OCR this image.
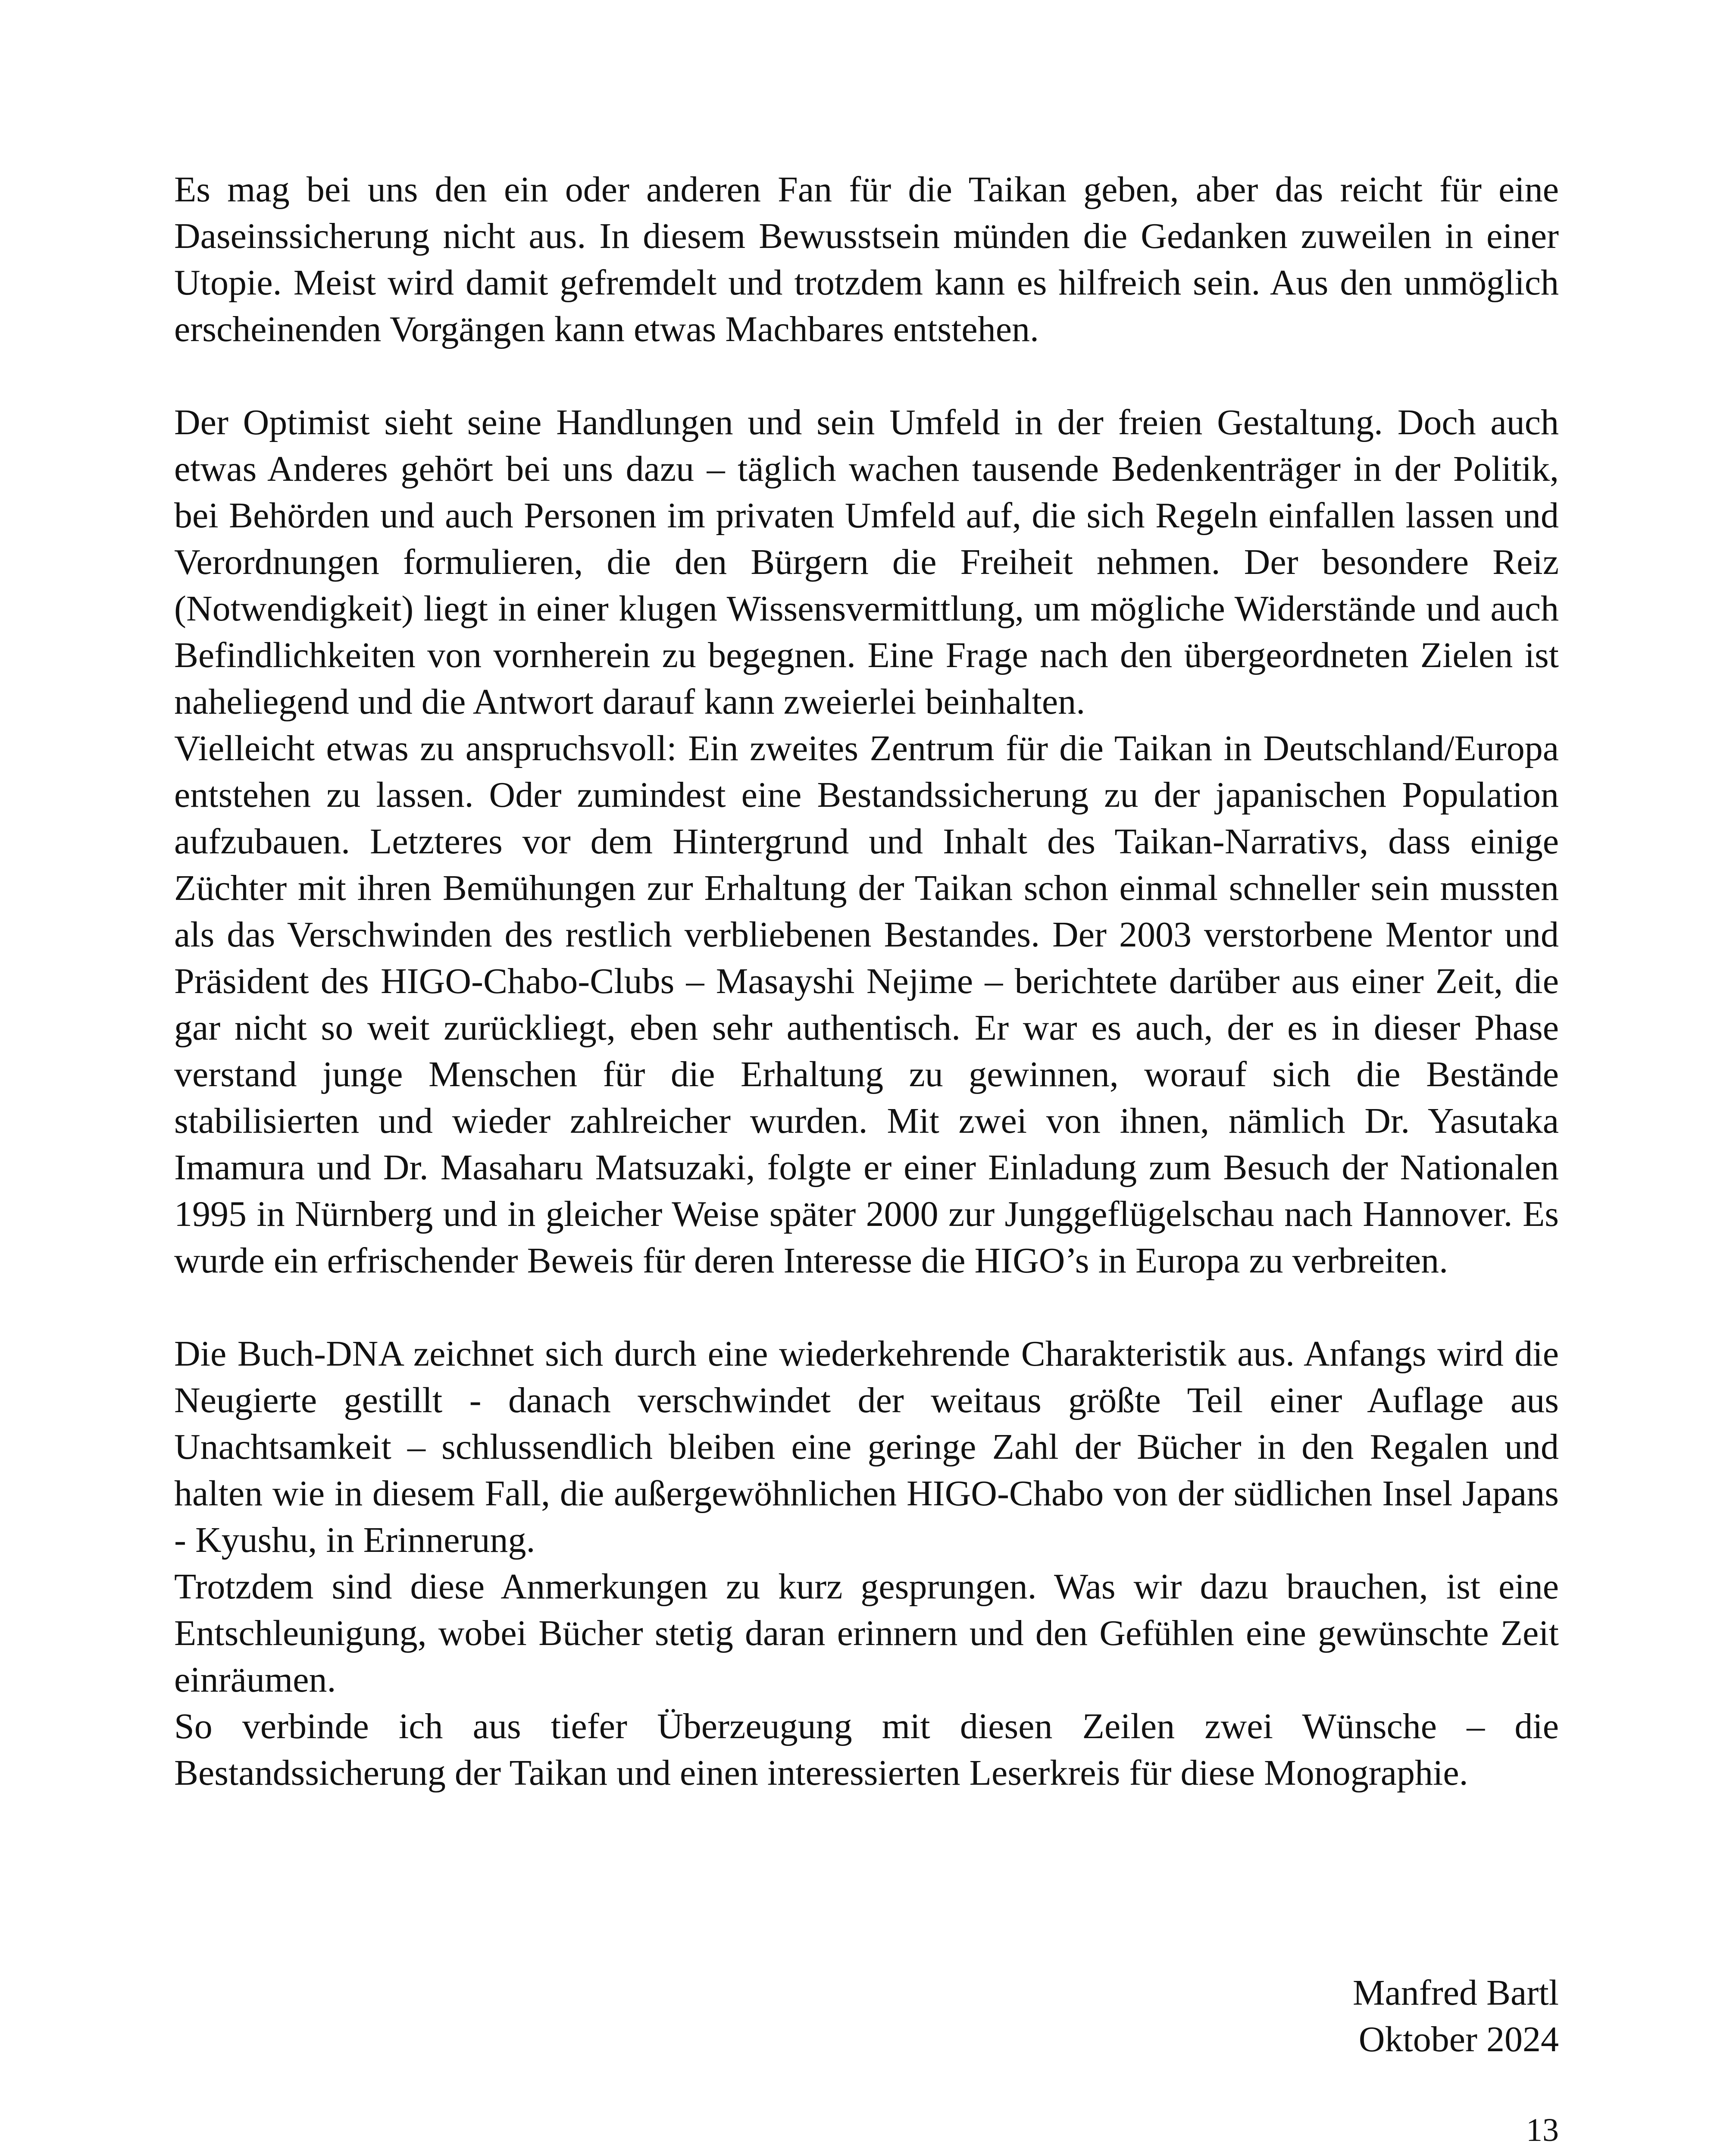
Es mag bei uns den ein oder anderen Fan für die Taikan geben, aber das reicht für eine Daseinssicherung nicht aus. In diesem Bewusstsein münden die Gedanken zuweilen in einer Utopie. Meist wird damit gefremdelt und trotzdem kann es hilfreich sein. Aus den unmöglich erscheinenden Vorgängen kann etwas Machbares entstehen.

Der Optimist sieht seine Handlungen und sein Umfeld in der freien Gestaltung. Doch auch etwas Anderes gehört bei uns dazu – täglich wachen tausende Bedenkenträger in der Politik, bei Behörden und auch Personen im privaten Umfeld auf, die sich Regeln einfallen lassen und Verordnungen formulieren, die den Bürgern die Freiheit nehmen. Der besondere Reiz (Notwendigkeit) liegt in einer klugen Wissensvermittlung, um mögliche Widerstände und auch Befindlichkeiten von vornherein zu begegnen. Eine Frage nach den übergeordneten Zielen ist naheliegend und die Antwort darauf kann zweierlei beinhalten.

Vielleicht etwas zu anspruchsvoll: Ein zweites Zentrum für die Taikan in Deutschland/Europa entstehen zu lassen. Oder zumindest eine Bestandssicherung zu der japanischen Population aufzubauen. Letzteres vor dem Hintergrund und Inhalt des Taikan-Narrativs, dass einige Züchter mit ihren Bemühungen zur Erhaltung der Taikan schon einmal schneller sein mussten als das Verschwinden des restlich verbliebenen Bestandes. Der 2003 verstorbene Mentor und Präsident des HIGO-Chabo-Clubs – Masayshi Nejime – berichtete darüber aus einer Zeit, die gar nicht so weit zurückliegt, eben sehr authentisch. Er war es auch, der es in dieser Phase verstand junge Menschen für die Erhaltung zu gewinnen, worauf sich die Bestände stabilisierten und wieder zahlreicher wurden. Mit zwei von ihnen, nämlich Dr. Yasutaka Imamura und Dr. Masaharu Matsuzaki, folgte er einer Einladung zum Besuch der Nationalen 1995 in Nürnberg und in gleicher Weise später 2000 zur Junggeflügelschau nach Hannover. Es wurde ein erfrischender Beweis für deren Interesse die HIGO’s in Europa zu verbreiten.

Die Buch-DNA zeichnet sich durch eine wiederkehrende Charakteristik aus. Anfangs wird die Neugierte gestillt - danach verschwindet der weitaus größte Teil einer Auflage aus Unachtsamkeit – schlussendlich bleiben eine geringe Zahl der Bücher in den Regalen und halten wie in diesem Fall, die außergewöhnlichen HIGO-Chabo von der südlichen Insel Japans - Kyushu, in Erinnerung.

Trotzdem sind diese Anmerkungen zu kurz gesprungen. Was wir dazu brauchen, ist eine Entschleunigung, wobei Bücher stetig daran erinnern und den Gefühlen eine gewünschte Zeit einräumen.

So verbinde ich aus tiefer Überzeugung mit diesen Zeilen zwei Wünsche – die Bestandssicherung der Taikan und einen interessierten Leserkreis für diese Monographie.

Manfred Bartl
Oktober 2024
13
